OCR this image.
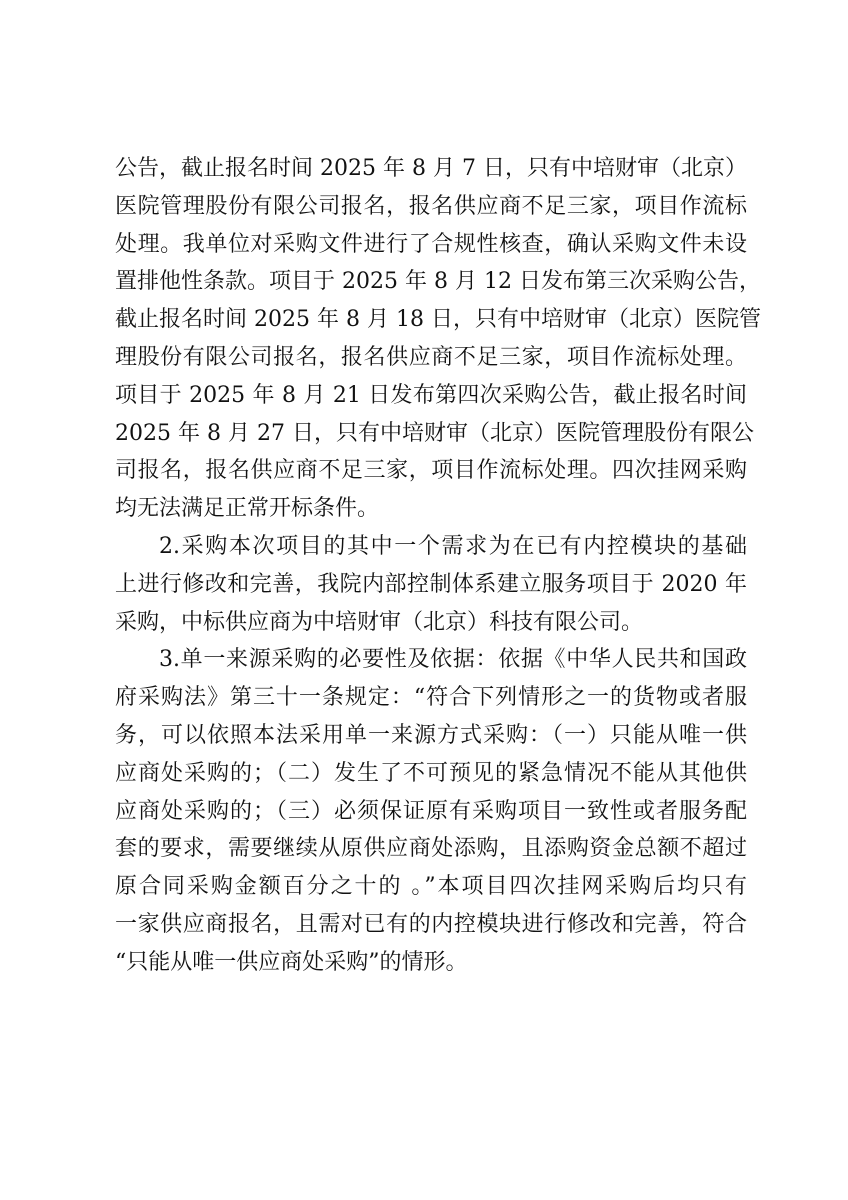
公告，截止报名时间 2025 年 8 月 7 日，只有中培财审（北京）
医院管理股份有限公司报名，报名供应商不足三家，项目作流标
处理。我单位对采购文件进行了合规性核查，确认采购文件未设
置排他性条款。项目于 2025 年 8 月 12 日发布第三次采购公告，
截止报名时间 2025 年 8 月 18 日，只有中培财审（北京）医院管
理股份有限公司报名，报名供应商不足三家，项目作流标处理。
项目于 2025 年 8 月 21 日发布第四次采购公告，截止报名时间
2025 年 8 月 27 日，只有中培财审（北京）医院管理股份有限公
司报名，报名供应商不足三家，项目作流标处理。四次挂网采购
均无法满足正常开标条件。
2.采购本次项目的其中一个需求为在已有内控模块的基础
上进行修改和完善，我院内部控制体系建立服务项目于 2020 年
采购，中标供应商为中培财审（北京）科技有限公司。
3.单一来源采购的必要性及依据：依据《中华人民共和国政
府采购法》第三十一条规定：“符合下列情形之一的货物或者服
务，可以依照本法采用单一来源方式采购：（一）只能从唯一供
应商处采购的；（二）发生了不可预见的紧急情况不能从其他供
应商处采购的；（三）必须保证原有采购项目一致性或者服务配
套的要求，需要继续从原供应商处添购，且添购资金总额不超过
原合同采购金额百分之十的 。”本项目四次挂网采购后均只有
一家供应商报名，且需对已有的内控模块进行修改和完善，符合
“只能从唯一供应商处采购”的情形。
